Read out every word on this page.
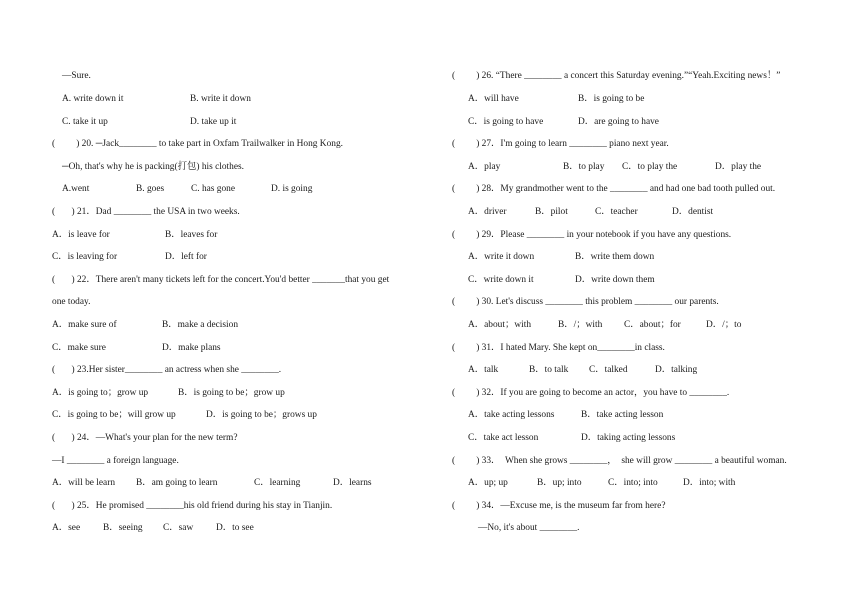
—Sure.
A. write down it	B. write it down
C. take it up	D. take up it
(         ) 20. ─Jack________ to take part in Oxfam Trailwalker in Hong Kong.
─Oh, that's why he is packing(打包) his clothes.
A.went	B. goes	C. has gone	D. is going
(       ) 21．Dad ________ the USA in two weeks.
A．is leave for	B．leaves for
C．is leaving for	D．left for
(       ) 22．There aren't many tickets left for the concert.You'd better _______that you get
one today.
A．make sure of	B．make a decision
C．make sure	D．make plans
(       ) 23.Her sister________ an actress when she ________.
A．is going to；grow up	B．is going to be；grow up
C．is going to be；will grow up	D．is going to be；grows up
(       ) 24．—What's your plan for the new term?
—I ________ a foreign language.
A．will be learn B．am going to learn	C．learning	D．learns
(       ) 25．He promised ________his old friend during his stay in Tianjin.
A．see B．seeing C．saw D．to see
(         ) 26. “There ________ a concert this Saturday evening.”“Yeah.Exciting news！”
A．will have	B．is going to be
C．is going to have	D．are going to have
(         ) 27．I'm going to learn ________ piano next year.
A．play	B．to play C．to play the	D．play the
(         ) 28．My grandmother went to the ________ and had one bad tooth pulled out.
A．driver	B．pilot	C．teacher	D．dentist
(         ) 29．Please ________ in your notebook if you have any questions.
A．write it down	B．write them down
C．write down it	D．write down them
(         ) 30. Let's discuss ________ this problem ________ our parents.
A．about；with	B．/；with C．about；for	D．/；to
(         ) 31．I hated Mary. She kept on________in class.
A．talk	B．to talk C．talked	D．talking
(         ) 32．If you are going to become an actor，you have to ________.
A．take acting lessons	B．take acting lesson
C．take act lesson	D．taking acting lessons
(         ) 33．  When she grows ________，  she will grow ________ a beautiful woman.
A．up; up	B．up; into	C．into; into	D．into; with
(         ) 34．—Excuse me, is the museum far from here?
—No, it's about ________.
